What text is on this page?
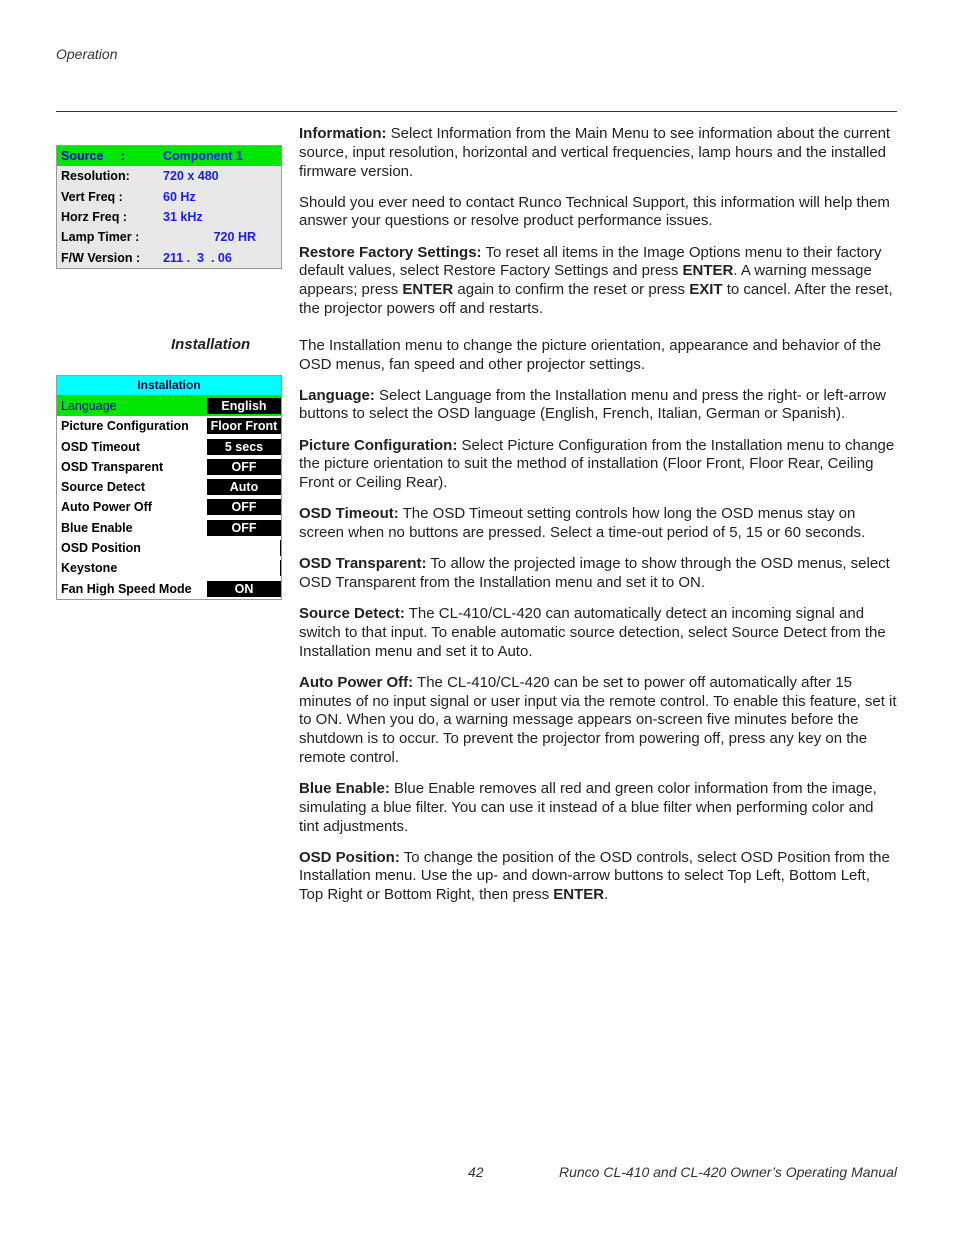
Operation
Source     :	Component 1
Resolution:	720 x 480
Vert Freq :	60 Hz
Horz Freq :	31 kHz
Lamp Timer :	720 HR
F/W Version : 211 .  3  . 06
Installation
Installation
Language	English
Picture Configuration Floor Front
OSD Timeout	5 secs
OSD Transparent	OFF
Source Detect	Auto
Auto Power Off	OFF
Blue Enable	OFF
OSD Position
Keystone
Fan High Speed Mode	ON

Information: Select Information from the Main Menu to see information about the current source, input resolution, horizontal and vertical frequencies, lamp hours and the installed firmware version.

Should you ever need to contact Runco Technical Support, this information will help them answer your questions or resolve product performance issues.

Restore Factory Settings: To reset all items in the Image Options menu to their factory default values, select Restore Factory Settings and press ENTER. A warning message appears; press ENTER again to confirm the reset or press EXIT to cancel. After the reset, the projector powers off and restarts.

The Installation menu to change the picture orientation, appearance and behavior of the OSD menus, fan speed and other projector settings.

Language: Select Language from the Installation menu and press the right- or left-arrow buttons to select the OSD language (English, French, Italian, German or Spanish).

Picture Configuration: Select Picture Configuration from the Installation menu to change the picture orientation to suit the method of installation (Floor Front, Floor Rear, Ceiling Front or Ceiling Rear).

OSD Timeout: The OSD Timeout setting controls how long the OSD menus stay on screen when no buttons are pressed. Select a time-out period of 5, 15 or 60 seconds.

OSD Transparent: To allow the projected image to show through the OSD menus, select OSD Transparent from the Installation menu and set it to ON.

Source Detect: The CL-410/CL-420 can automatically detect an incoming signal and switch to that input. To enable automatic source detection, select Source Detect from the Installation menu and set it to Auto.

Auto Power Off: The CL-410/CL-420 can be set to power off automatically after 15 minutes of no input signal or user input via the remote control. To enable this feature, set it to ON. When you do, a warning message appears on-screen five minutes before the shutdown is to occur. To prevent the projector from powering off, press any key on the remote control.

Blue Enable: Blue Enable removes all red and green color information from the image, simulating a blue filter. You can use it instead of a blue filter when performing color and tint adjustments.

OSD Position: To change the position of the OSD controls, select OSD Position from the Installation menu. Use the up- and down-arrow buttons to select Top Left, Bottom Left, Top Right or Bottom Right, then press ENTER.

42	Runco CL-410 and CL-420 Owner’s Operating Manual
